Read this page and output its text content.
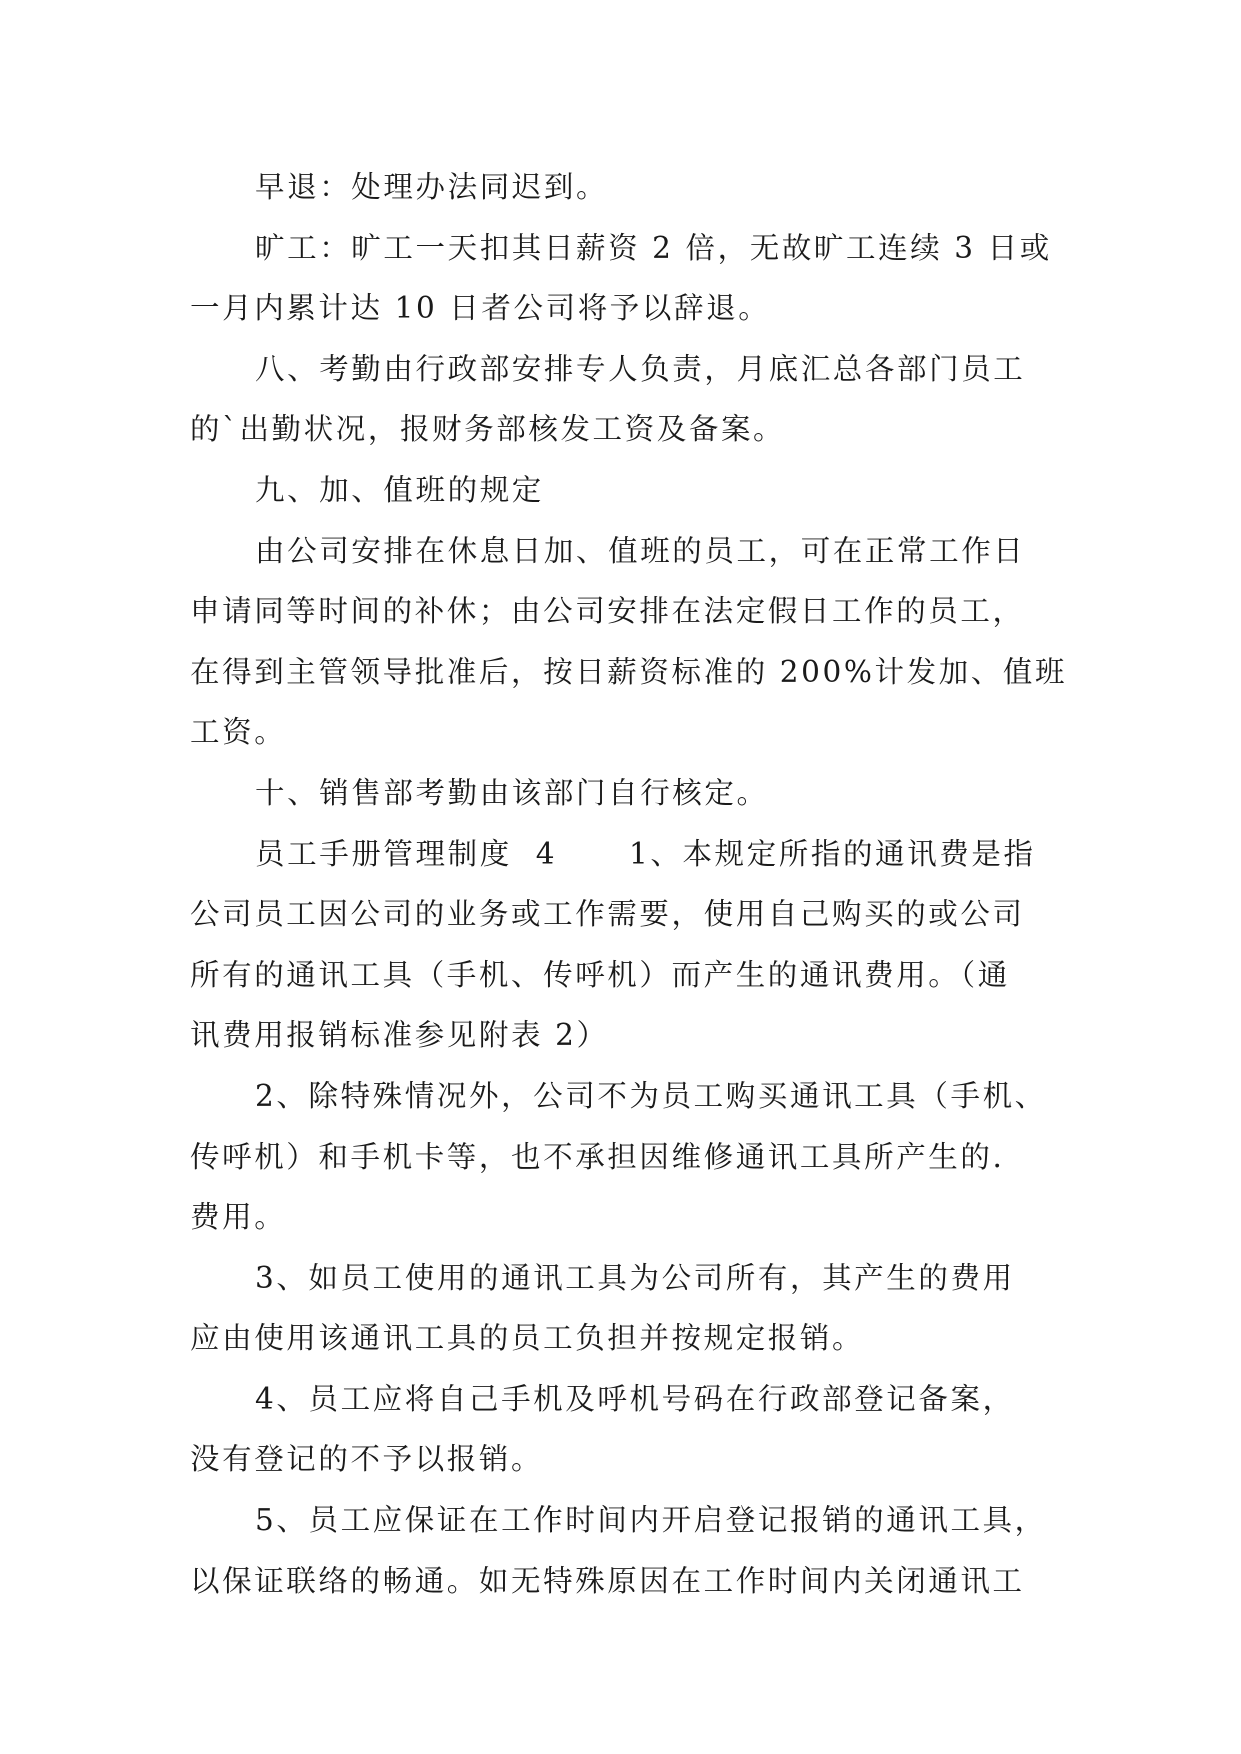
早退：处理办法同迟到。
旷工：旷工一天扣其日薪资 2 倍，无故旷工连续 3 日或
一月内累计达 10 日者公司将予以辞退。
八、考勤由行政部安排专人负责，月底汇总各部门员工
的`出勤状况，报财务部核发工资及备案。
九、加、值班的规定
由公司安排在休息日加、值班的员工，可在正常工作日
申请同等时间的补休；由公司安排在法定假日工作的员工，
在得到主管领导批准后，按日薪资标准的 200%计发加、值班
工资。
十、销售部考勤由该部门自行核定。
员工手册管理制度  4      1、本规定所指的通讯费是指
公司员工因公司的业务或工作需要，使用自己购买的或公司
所有的通讯工具（手机、传呼机）而产生的通讯费用。（通
讯费用报销标准参见附表 2）
2、除特殊情况外，公司不为员工购买通讯工具（手机、
传呼机）和手机卡等，也不承担因维修通讯工具所产生的.
费用。
3、如员工使用的通讯工具为公司所有，其产生的费用
应由使用该通讯工具的员工负担并按规定报销。
4、员工应将自己手机及呼机号码在行政部登记备案，
没有登记的不予以报销。
5、员工应保证在工作时间内开启登记报销的通讯工具，
以保证联络的畅通。如无特殊原因在工作时间内关闭通讯工
